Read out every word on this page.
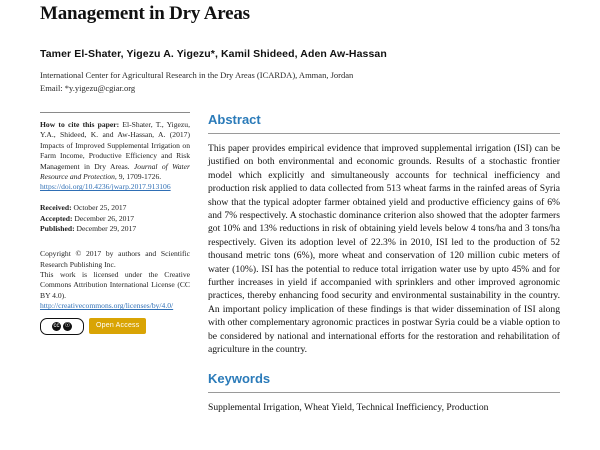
Management in Dry Areas
Tamer El-Shater, Yigezu A. Yigezu*, Kamil Shideed, Aden Aw-Hassan
International Center for Agricultural Research in the Dry Areas (ICARDA), Amman, Jordan
Email: *y.yigezu@cgiar.org
How to cite this paper: El-Shater, T., Yigezu, Y.A., Shideed, K. and Aw-Hassan, A. (2017) Impacts of Improved Supplemental Irrigation on Farm Income, Productive Efficiency and Risk Management in Dry Areas. Journal of Water Resource and Protection, 9, 1709-1726.
https://doi.org/10.4236/jwarp.2017.913106
Received: October 25, 2017
Accepted: December 26, 2017
Published: December 29, 2017
Copyright © 2017 by authors and Scientific Research Publishing Inc.
This work is licensed under the Creative Commons Attribution International License (CC BY 4.0).
http://creativecommons.org/licenses/by/4.0/
cc ☉	Open Access
Abstract

This paper provides empirical evidence that improved supplemental irrigation (ISI) can be justified on both environmental and economic grounds. Results of a stochastic frontier model which explicitly and simultaneously accounts for technical inefficiency and production risk applied to data collected from 513 wheat farms in the rainfed areas of Syria show that the typical adopter farmer obtained yield and productive efficiency gains of 6% and 7% respectively. A stochastic dominance criterion also showed that the adopter farmers got 10% and 13% reductions in risk of obtaining yield levels below 4 tons/ha and 3 tons/ha respectively. Given its adoption level of 22.3% in 2010, ISI led to the production of 52 thousand metric tons (6%), more wheat and conservation of 120 million cubic meters of water (10%). ISI has the potential to reduce total irrigation water use by upto 45% and for further increases in yield if accompanied with sprinklers and other improved agronomic practices, thereby enhancing food security and environmental sustainability in the country. An important policy implication of these findings is that wider dissemination of ISI along with other complementary agronomic practices in postwar Syria could be a viable option to be considered by national and international efforts for the restoration and rehabilitation of agriculture in the country.

Keywords

Supplemental Irrigation, Wheat Yield, Technical Inefficiency, Production
